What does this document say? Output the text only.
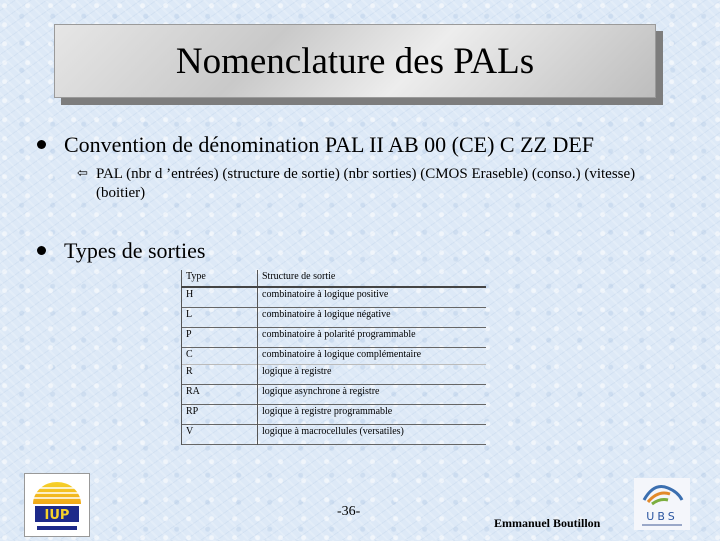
Nomenclature des PALs
Convention de dénomination PAL II AB 00 (CE) C ZZ DEF
⇦ PAL (nbr d ’entrées) (structure de sortie) (nbr sorties) (CMOS Eraseble) (conso.) (vitesse) (boitier)
Types de sorties
Type	Structure de sortie
H	combinatoire à logique positive
L	combinatoire à logique négative
P	combinatoire à polarité programmable
C	combinatoire à logique complémentaire
R	logique à registre
RA	logique asynchrone à registre
RP	logique à registre programmable
V	logique à macrocellules (versatiles)
IUP	-36-
Emmanuel Boutillon	UBS
